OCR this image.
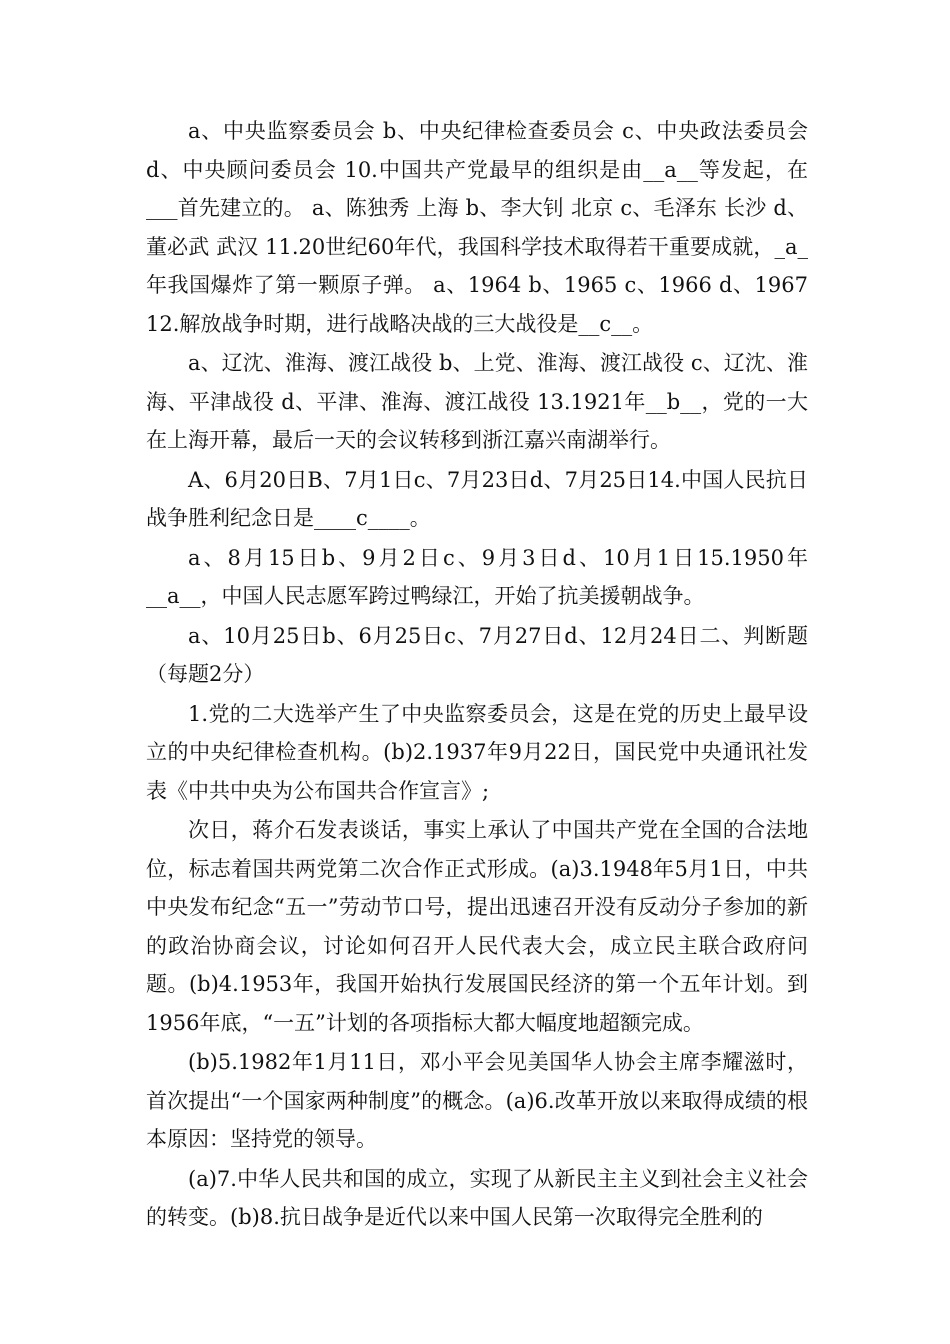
a、中央监察委员会 b、中央纪律检查委员会 c、中央政法委员会 d、中央顾问委员会 10.中国共产党最早的组织是由__a__等发起，在___首先建立的。 a、陈独秀 上海 b、李大钊 北京 c、毛泽东 长沙 d、董必武 武汉 11.20世纪60年代，我国科学技术取得若干重要成就，_a_年我国爆炸了第一颗原子弹。 a、1964 b、1965 c、1966 d、1967 12.解放战争时期，进行战略决战的三大战役是__c__。

a、辽沈、淮海、渡江战役 b、上党、淮海、渡江战役 c、辽沈、淮海、平津战役 d、平津、淮海、渡江战役 13.1921年__b__，党的一大在上海开幕，最后一天的会议转移到浙江嘉兴南湖举行。

A、6月20日B、7月1日c、7月23日d、7月25日14.中国人民抗日战争胜利纪念日是____c____。

a、8月15日b、9月2日c、9月3日d、10月1日15.1950年__a__，中国人民志愿军跨过鸭绿江，开始了抗美援朝战争。

a、10月25日b、6月25日c、7月27日d、12月24日二、判断题（每题2分）

1.党的二大选举产生了中央监察委员会，这是在党的历史上最早设立的中央纪律检查机构。(b)2.1937年9月22日，国民党中央通讯社发表《中共中央为公布国共合作宣言》;

次日，蒋介石发表谈话，事实上承认了中国共产党在全国的合法地位，标志着国共两党第二次合作正式形成。(a)3.1948年5月1日，中共中央发布纪念“五一”劳动节口号，提出迅速召开没有反动分子参加的新的政治协商会议，讨论如何召开人民代表大会，成立民主联合政府问题。(b)4.1953年，我国开始执行发展国民经济的第一个五年计划。到1956年底，“一五”计划的各项指标大都大幅度地超额完成。

(b)5.1982年1月11日，邓小平会见美国华人协会主席李耀滋时，首次提出“一个国家两种制度”的概念。(a)6.改革开放以来取得成绩的根本原因：坚持党的领导。

(a)7.中华人民共和国的成立，实现了从新民主主义到社会主义社会的转变。(b)8.抗日战争是近代以来中国人民第一次取得完全胜利的
